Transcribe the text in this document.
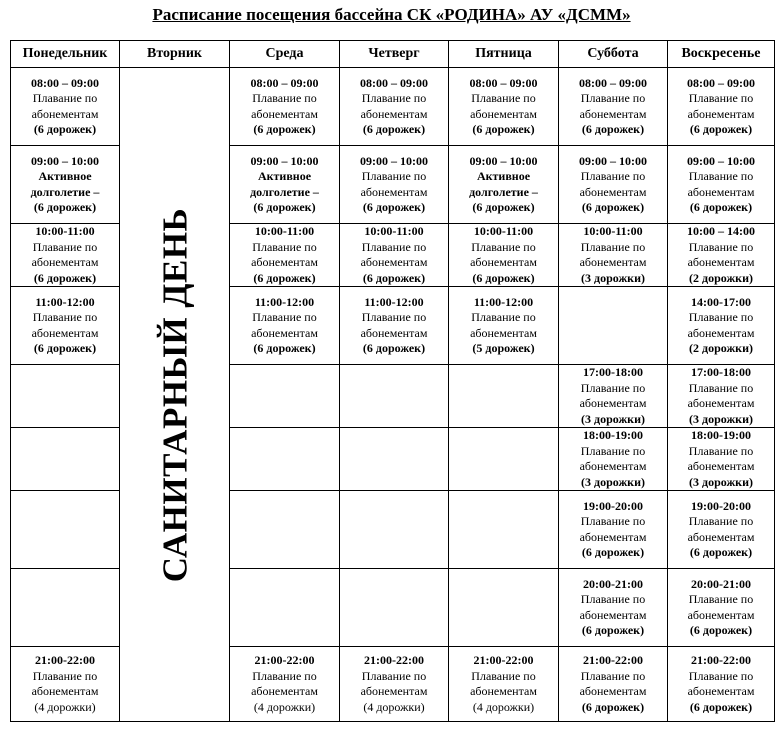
Расписание посещения бассейна СК «РОДИНА» АУ «ДСММ»
Понедельник	Вторник	Среда	Четверг	Пятница	Суббота	Воскресенье

08:00 – 09:00
Плавание по абонементам
(6 дорожек)	САНИТАРНЫЙ ДЕНЬ	08:00 – 09:00
Плавание по абонементам
(6 дорожек)	08:00 – 09:00
Плавание по абонементам
(6 дорожек)	08:00 – 09:00
Плавание по абонементам
(6 дорожек)	08:00 – 09:00
Плавание по абонементам
(6 дорожек)	08:00 – 09:00
Плавание по абонементам
(6 дорожек)

09:00 – 10:00
Активное долголетие –
(6 дорожек)		09:00 – 10:00
Активное долголетие –
(6 дорожек)	09:00 – 10:00
Плавание по абонементам
(6 дорожек)	09:00 – 10:00
Активное долголетие –
(6 дорожек)	09:00 – 10:00
Плавание по абонементам
(6 дорожек)	09:00 – 10:00
Плавание по абонементам
(6 дорожек)

10:00-11:00
Плавание по абонементам
(6 дорожек)		10:00-11:00
Плавание по абонементам
(6 дорожек)	10:00-11:00
Плавание по абонементам
(6 дорожек)	10:00-11:00
Плавание по абонементам
(6 дорожек)	10:00-11:00
Плавание по абонементам
(3 дорожки)	10:00 – 14:00
Плавание по абонементам
(2 дорожки)

11:00-12:00
Плавание по абонементам
(6 дорожек)		11:00-12:00
Плавание по абонементам
(6 дорожек)	11:00-12:00
Плавание по абонементам
(6 дорожек)	11:00-12:00
Плавание по абонементам
(5 дорожек)		14:00-17:00
Плавание по абонементам
(2 дорожки)

					17:00-18:00
Плавание по абонементам
(3 дорожки)	17:00-18:00
Плавание по абонементам
(3 дорожки)

					18:00-19:00
Плавание по абонементам
(3 дорожки)	18:00-19:00
Плавание по абонементам
(3 дорожки)

					19:00-20:00
Плавание по абонементам
(6 дорожек)	19:00-20:00
Плавание по абонементам
(6 дорожек)

					20:00-21:00
Плавание по абонементам
(6 дорожек)	20:00-21:00
Плавание по абонементам
(6 дорожек)

21:00-22:00
Плавание по абонементам
(4 дорожки)		21:00-22:00
Плавание по абонементам
(4 дорожки)	21:00-22:00
Плавание по абонементам
(4 дорожки)	21:00-22:00
Плавание по абонементам
(4 дорожки)	21:00-22:00
Плавание по абонементам
(6 дорожек)	21:00-22:00
Плавание по абонементам
(6 дорожек)
